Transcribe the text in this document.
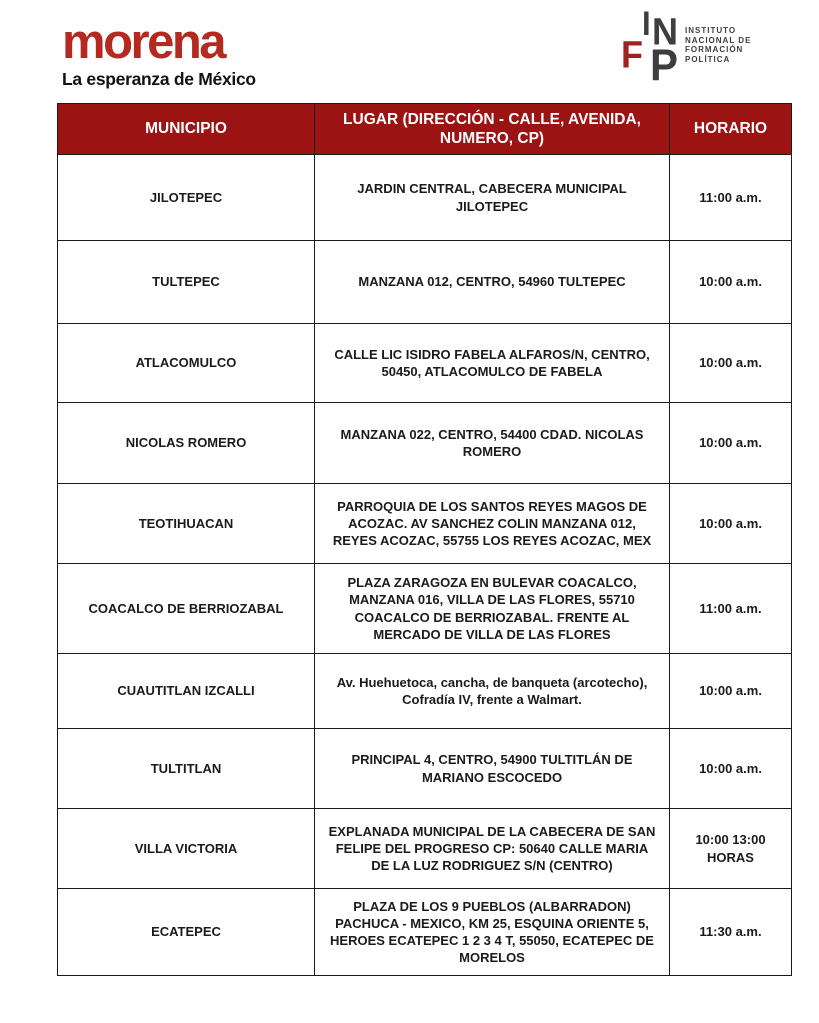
morena
La esperanza de México
I N
F P
INSTITUTO
NACIONAL DE
FORMACIÓN
POLÍTICA
MUNICIPIO	LUGAR (DIRECCIÓN - CALLE, AVENIDA, NUMERO, CP)	HORARIO
JILOTEPEC	JARDIN CENTRAL, CABECERA MUNICIPAL JILOTEPEC	11:00 a.m.
TULTEPEC	MANZANA 012, CENTRO, 54960 TULTEPEC	10:00 a.m.
ATLACOMULCO	CALLE LIC ISIDRO FABELA ALFAROS/N, CENTRO, 50450, ATLACOMULCO DE FABELA	10:00 a.m.
NICOLAS ROMERO	MANZANA 022, CENTRO, 54400 CDAD. NICOLAS ROMERO	10:00 a.m.
TEOTIHUACAN	PARROQUIA DE LOS SANTOS REYES MAGOS DE ACOZAC. AV SANCHEZ COLIN MANZANA 012, REYES ACOZAC, 55755 LOS REYES ACOZAC, MEX	10:00 a.m.
COACALCO DE BERRIOZABAL	PLAZA ZARAGOZA EN BULEVAR COACALCO, MANZANA 016, VILLA DE LAS FLORES, 55710 COACALCO DE BERRIOZABAL. FRENTE AL MERCADO DE VILLA DE LAS FLORES	11:00 a.m.
CUAUTITLAN IZCALLI	Av. Huehuetoca, cancha, de banqueta (arcotecho), Cofradía IV, frente a Walmart.	10:00 a.m.
TULTITLAN	PRINCIPAL 4, CENTRO, 54900 TULTITLÁN DE MARIANO ESCOCEDO	10:00 a.m.
VILLA VICTORIA	EXPLANADA MUNICIPAL DE LA CABECERA DE SAN FELIPE DEL PROGRESO CP: 50640 CALLE MARIA DE LA LUZ RODRIGUEZ S/N (CENTRO)	10:00 13:00 HORAS
ECATEPEC	PLAZA DE LOS 9 PUEBLOS (ALBARRADON) PACHUCA - MEXICO, KM 25, ESQUINA ORIENTE 5, HEROES ECATEPEC 1 2 3 4 T, 55050, ECATEPEC DE MORELOS	11:30 a.m.
